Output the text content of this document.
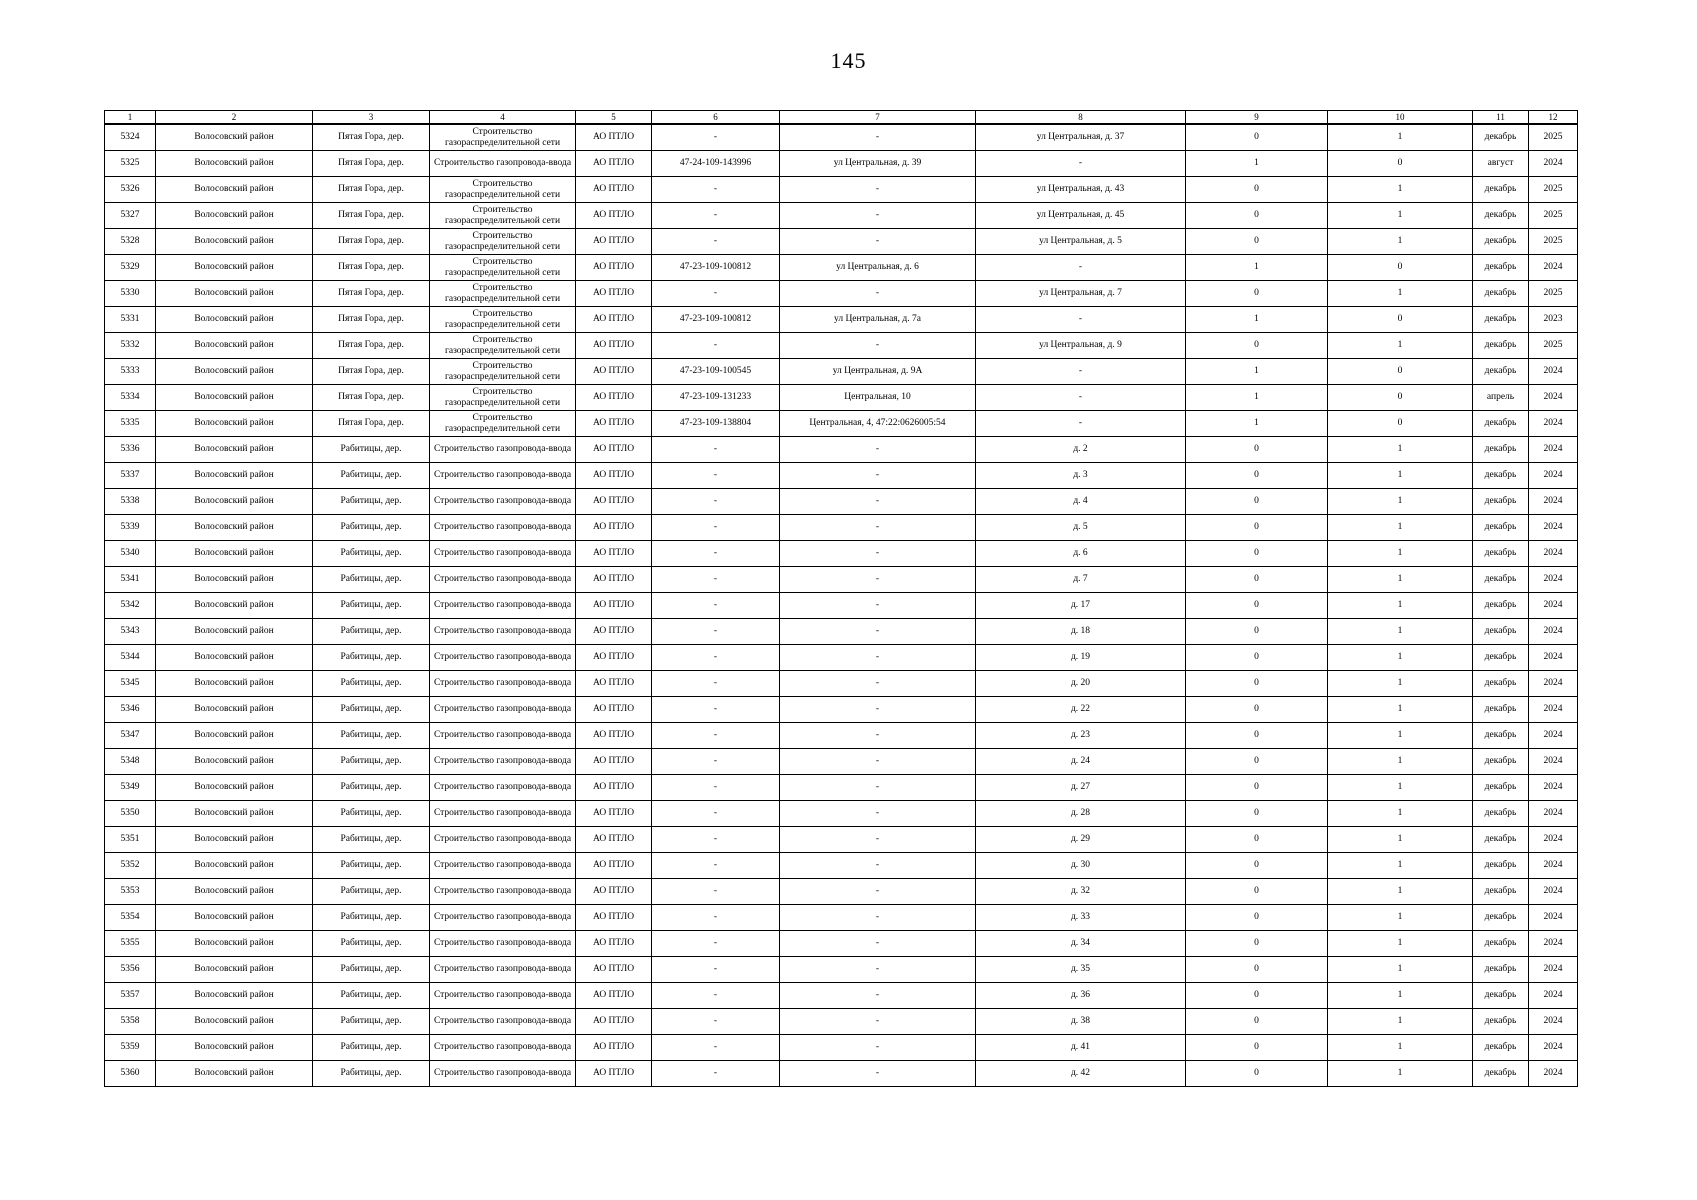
145
1	2	3	4	5	6	7	8	9	10	11	12
5324	Волосовский район	Пятая Гора, дер.	Строительство газораспределительной сети	АО ПТЛО	-	-	ул Центральная, д. 37	0	1	декабрь	2025
5325	Волосовский район	Пятая Гора, дер.	Строительство газопровода-ввода	АО ПТЛО	47-24-109-143996	ул Центральная, д. 39	-	1	0	август	2024
5326	Волосовский район	Пятая Гора, дер.	Строительство газораспределительной сети	АО ПТЛО	-	-	ул Центральная, д. 43	0	1	декабрь	2025
5327	Волосовский район	Пятая Гора, дер.	Строительство газораспределительной сети	АО ПТЛО	-	-	ул Центральная, д. 45	0	1	декабрь	2025
5328	Волосовский район	Пятая Гора, дер.	Строительство газораспределительной сети	АО ПТЛО	-	-	ул Центральная, д. 5	0	1	декабрь	2025
5329	Волосовский район	Пятая Гора, дер.	Строительство газораспределительной сети	АО ПТЛО	47-23-109-100812	ул Центральная, д. 6	-	1	0	декабрь	2024
5330	Волосовский район	Пятая Гора, дер.	Строительство газораспределительной сети	АО ПТЛО	-	-	ул Центральная, д. 7	0	1	декабрь	2025
5331	Волосовский район	Пятая Гора, дер.	Строительство газораспределительной сети	АО ПТЛО	47-23-109-100812	ул Центральная, д. 7а	-	1	0	декабрь	2023
5332	Волосовский район	Пятая Гора, дер.	Строительство газораспределительной сети	АО ПТЛО	-	-	ул Центральная, д. 9	0	1	декабрь	2025
5333	Волосовский район	Пятая Гора, дер.	Строительство газораспределительной сети	АО ПТЛО	47-23-109-100545	ул Центральная, д. 9А	-	1	0	декабрь	2024
5334	Волосовский район	Пятая Гора, дер.	Строительство газораспределительной сети	АО ПТЛО	47-23-109-131233	Центральная, 10	-	1	0	апрель	2024
5335	Волосовский район	Пятая Гора, дер.	Строительство газораспределительной сети	АО ПТЛО	47-23-109-138804	Центральная, 4, 47:22:0626005:54	-	1	0	декабрь	2024
5336	Волосовский район	Рабитицы, дер.	Строительство газопровода-ввода	АО ПТЛО	-	-	д. 2	0	1	декабрь	2024
5337	Волосовский район	Рабитицы, дер.	Строительство газопровода-ввода	АО ПТЛО	-	-	д. 3	0	1	декабрь	2024
5338	Волосовский район	Рабитицы, дер.	Строительство газопровода-ввода	АО ПТЛО	-	-	д. 4	0	1	декабрь	2024
5339	Волосовский район	Рабитицы, дер.	Строительство газопровода-ввода	АО ПТЛО	-	-	д. 5	0	1	декабрь	2024
5340	Волосовский район	Рабитицы, дер.	Строительство газопровода-ввода	АО ПТЛО	-	-	д. 6	0	1	декабрь	2024
5341	Волосовский район	Рабитицы, дер.	Строительство газопровода-ввода	АО ПТЛО	-	-	д. 7	0	1	декабрь	2024
5342	Волосовский район	Рабитицы, дер.	Строительство газопровода-ввода	АО ПТЛО	-	-	д. 17	0	1	декабрь	2024
5343	Волосовский район	Рабитицы, дер.	Строительство газопровода-ввода	АО ПТЛО	-	-	д. 18	0	1	декабрь	2024
5344	Волосовский район	Рабитицы, дер.	Строительство газопровода-ввода	АО ПТЛО	-	-	д. 19	0	1	декабрь	2024
5345	Волосовский район	Рабитицы, дер.	Строительство газопровода-ввода	АО ПТЛО	-	-	д. 20	0	1	декабрь	2024
5346	Волосовский район	Рабитицы, дер.	Строительство газопровода-ввода	АО ПТЛО	-	-	д. 22	0	1	декабрь	2024
5347	Волосовский район	Рабитицы, дер.	Строительство газопровода-ввода	АО ПТЛО	-	-	д. 23	0	1	декабрь	2024
5348	Волосовский район	Рабитицы, дер.	Строительство газопровода-ввода	АО ПТЛО	-	-	д. 24	0	1	декабрь	2024
5349	Волосовский район	Рабитицы, дер.	Строительство газопровода-ввода	АО ПТЛО	-	-	д. 27	0	1	декабрь	2024
5350	Волосовский район	Рабитицы, дер.	Строительство газопровода-ввода	АО ПТЛО	-	-	д. 28	0	1	декабрь	2024
5351	Волосовский район	Рабитицы, дер.	Строительство газопровода-ввода	АО ПТЛО	-	-	д. 29	0	1	декабрь	2024
5352	Волосовский район	Рабитицы, дер.	Строительство газопровода-ввода	АО ПТЛО	-	-	д. 30	0	1	декабрь	2024
5353	Волосовский район	Рабитицы, дер.	Строительство газопровода-ввода	АО ПТЛО	-	-	д. 32	0	1	декабрь	2024
5354	Волосовский район	Рабитицы, дер.	Строительство газопровода-ввода	АО ПТЛО	-	-	д. 33	0	1	декабрь	2024
5355	Волосовский район	Рабитицы, дер.	Строительство газопровода-ввода	АО ПТЛО	-	-	д. 34	0	1	декабрь	2024
5356	Волосовский район	Рабитицы, дер.	Строительство газопровода-ввода	АО ПТЛО	-	-	д. 35	0	1	декабрь	2024
5357	Волосовский район	Рабитицы, дер.	Строительство газопровода-ввода	АО ПТЛО	-	-	д. 36	0	1	декабрь	2024
5358	Волосовский район	Рабитицы, дер.	Строительство газопровода-ввода	АО ПТЛО	-	-	д. 38	0	1	декабрь	2024
5359	Волосовский район	Рабитицы, дер.	Строительство газопровода-ввода	АО ПТЛО	-	-	д. 41	0	1	декабрь	2024
5360	Волосовский район	Рабитицы, дер.	Строительство газопровода-ввода	АО ПТЛО	-	-	д. 42	0	1	декабрь	2024
